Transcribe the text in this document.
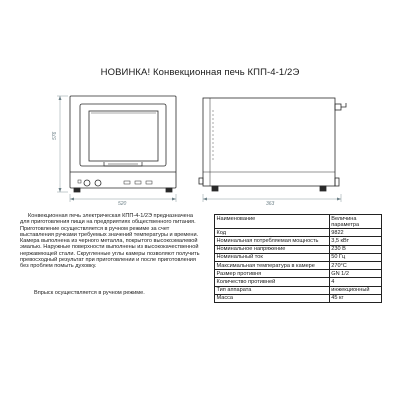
НОВИНКА! Конвекционная печь КПП-4-1/2Э
576
520	363
Конвекционная печь электрическая КПП-4-1/2Э предназначена для приготовления пищи на предприятиях общественного питания. Приготовление осуществляется в ручном режиме за счет выставления ручками требуемых значений температуры и времени. Камера выполнена из черного металла, покрытого высокоэмалевой эмалью. Наружные поверхности выполнены из высококачественной нержавеющей стали. Скругленные углы камеры позволяют получить превосходный результат при приготовлении и после приготовления без проблем помыть духовку.
Впрыск осуществляется в ручном режиме.
Наименование	Величина параметра
Код	9822
Номинальная потребляемая мощность	3,5 кВт
Номинальное напряжение	230 В
Номинальный ток	50 Гц
Максимальная температура в камере	270°С
Размер противня	GN 1/2
Количество противней	4
Тип аппарата	инжекционный
Масса	45 кг
